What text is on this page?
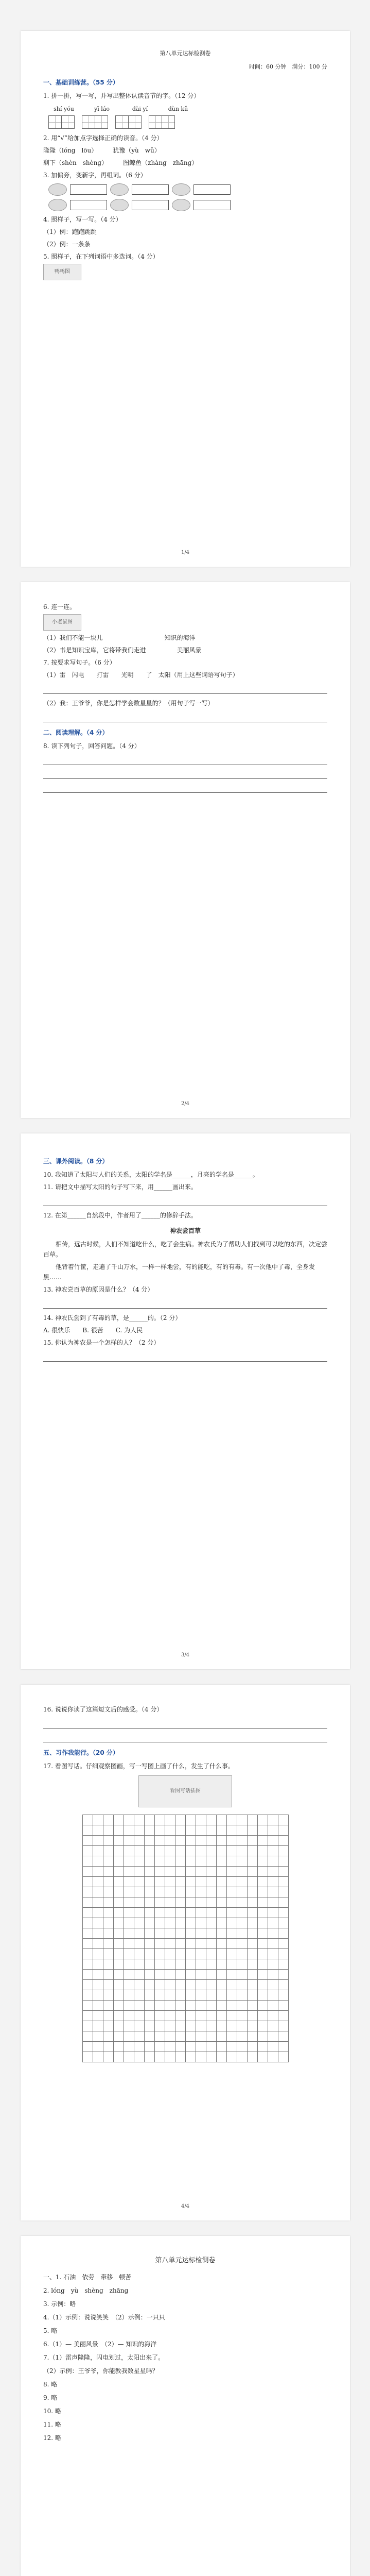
第八单元达标检测卷
时间：60 分钟　满分：100 分
一、基础训练营。（55 分）
1. 拼一拼，写一写，并写出整体认读音节的字。（12 分）
shí yóu	yī láo	dài yí	dùn kǔ
2. 用“√”给加点字选择正确的读音。（4 分）
隆隆（lóng　lōu）　　　犹豫（yù　wǔ）
剩下（shèn　shènɡ）　　　图鲸鱼（zhànɡ　zhānɡ）
3. 加偏旁，变新字，再组词。（6 分）
4. 照样子，写一写。（4 分）
（1）例：跑跑跳跳　　　　　　　　　　　　　　　　　　　　　　
（2）例：一条条　　　　　　　　　　　　　　　　　　　　　　　
5. 照样子，在下列词语中多选词。（4 分）
鸭鸭图
1/4
6. 连一连。
小老鼠图
（1）我们不能一块儿　　　　　　　　　　知识的海洋
（2）书是知识宝库，它将带我们走进　　　　　美丽风景
7. 按要求写句子。（6 分）
（1）雷　闪电　　打雷　　光明　　了　太阳（用上这些词语写句子）
（2）我：王爷爷，你是怎样学会数星星的？（用句子写一写）
二、阅读理解。（4 分）
8. 读下列句子，回答问题。（4 分）
2/4
三、课外阅读。（8 分）
10. 我知道了太阳与人们的关系，太阳的学名是______，月亮的学名是______。
11. 请把文中描写太阳的句子写下来，用______画出来。
12. 在第______自然段中，作者用了______的修辞手法。
神农尝百草
相传，远古时候，人们不知道吃什么，吃了会生病。神农氏为了帮助人们找到可以吃的东西，决定尝百草。
他背着竹筐，走遍了千山万水，一样一样地尝，有的能吃，有的有毒。有一次他中了毒，全身发黑……
13. 神农尝百草的原因是什么？（4 分）
14. 神农氏尝到了有毒的草，是______的。（2 分）
A. 很快乐　　B. 很苦　　C. 为人民
15. 你认为神农是一个怎样的人？（2 分）
3/4
16. 说说你读了这篇短文后的感受。（4 分）
五、习作我能行。（20 分）
17. 看图写话。仔细观察图画，写一写图上画了什么，发生了什么事。
看图写话插图
4/4
第八单元达标检测卷
一、1. 石油　依劳　带移　顿苦
2. lóng　yù　shènɡ　zhāng
3. 示例：略
4.（1）示例：说说笑笑　（2）示例：一只只
5. 略
6.（1）— 美丽风景　（2）— 知识的海洋
7.（1）雷声隆隆，闪电划过，太阳出来了。
（2）示例：王爷爷，你能教我数星星吗？
8. 略
9. 略
10. 略
11. 略
12. 略
